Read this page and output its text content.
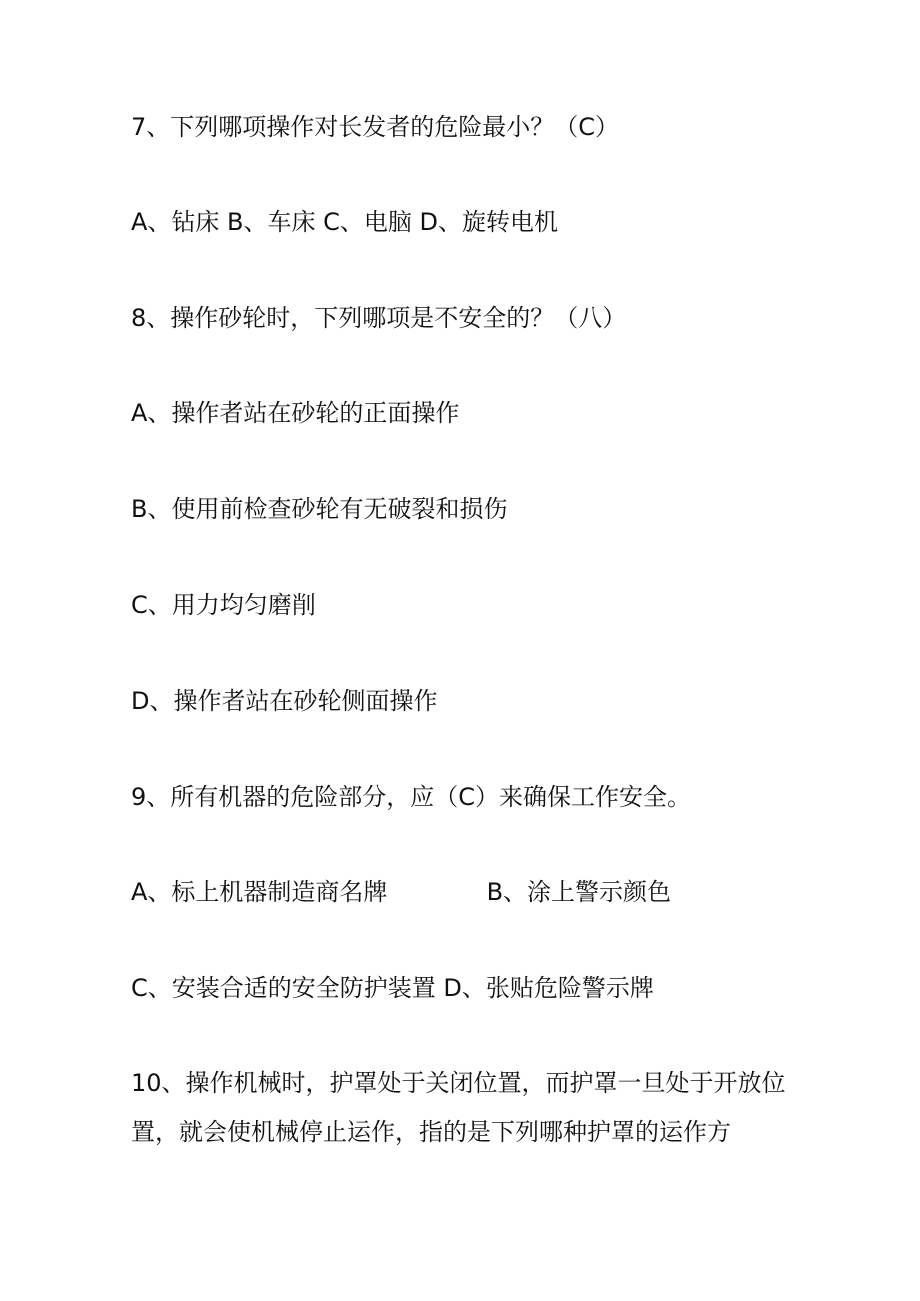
7、下列哪项操作对长发者的危险最小？（C）
A、钻床 B、车床 C、电脑 D、旋转电机
8、操作砂轮时，下列哪项是不安全的？（八）
A、操作者站在砂轮的正面操作
B、使用前检查砂轮有无破裂和损伤
C、用力均匀磨削
D、操作者站在砂轮侧面操作
9、所有机器的危险部分，应（C）来确保工作安全。
A、标上机器制造商名牌             B、涂上警示颜色
C、安装合适的安全防护装置 D、张贴危险警示牌
10、操作机械时，护罩处于关闭位置，而护罩一旦处于开放位
置，就会使机械停止运作，指的是下列哪种护罩的运作方
